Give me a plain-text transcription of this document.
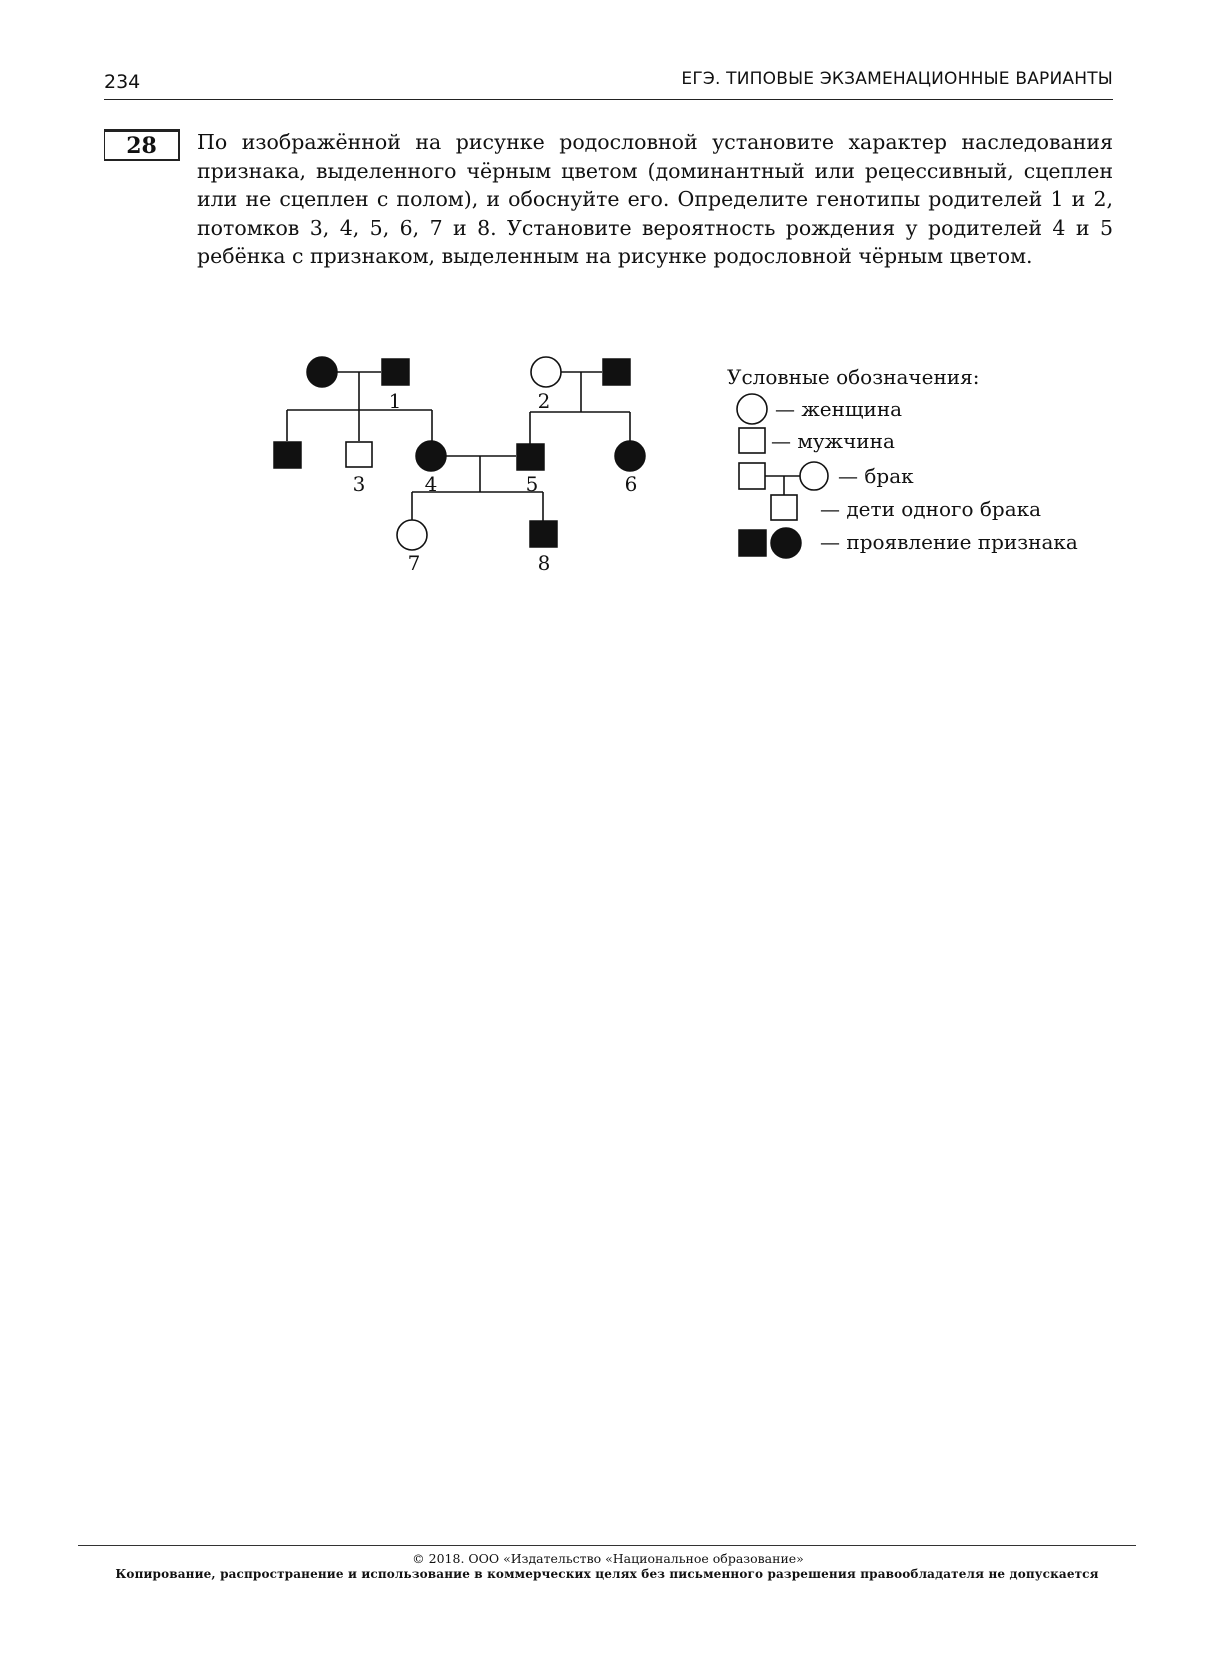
234	ЕГЭ. ТИПОВЫЕ ЭКЗАМЕНАЦИОННЫЕ ВАРИАНТЫ
28	По изображённой на рисунке родословной установите характер наследования признака, выделенного чёрным цветом (доминантный или рецессивный, сцеплен или не сцеплен с полом), и обоснуйте его. Определите генотипы родителей 1 и 2, потомков 3, 4, 5, 6, 7 и 8. Установите вероятность рождения у родителей 4 и 5 ребёнка с признаком, выделенным на рисунке родословной чёрным цветом.
1	2
3	4	5	6
7	8
Условные обозначения:
— женщина
— мужчина
— брак
— дети одного брака
— проявление признака
© 2018. ООО «Издательство «Национальное образование»
Копирование, распространение и использование в коммерческих целях без письменного разрешения правообладателя не допускается
